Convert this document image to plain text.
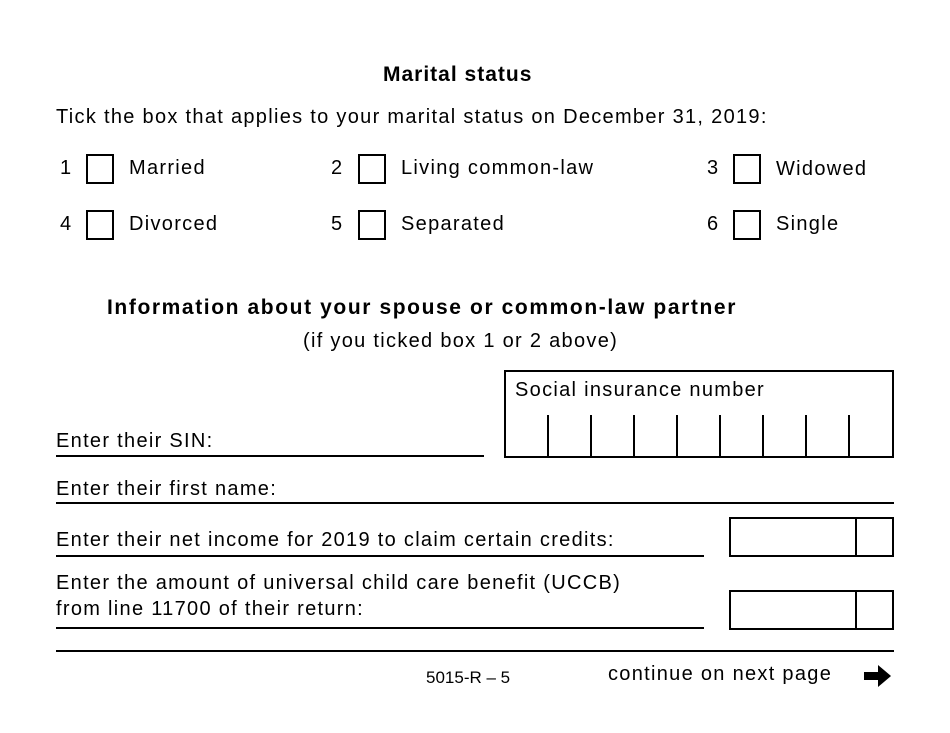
Marital status
Tick the box that applies to your marital status on December 31, 2019:
1	Married	2	Living common-law	3	Widowed
4	Divorced	5	Separated	6	Single
Information about your spouse or common-law partner
(if you ticked box 1 or 2 above)
Enter their SIN:
Social insurance number
Enter their first name:
Enter their net income for 2019 to claim certain credits:
Enter the amount of universal child care benefit (UCCB)
from line 11700 of their return:
5015-R – 5	continue on next page
